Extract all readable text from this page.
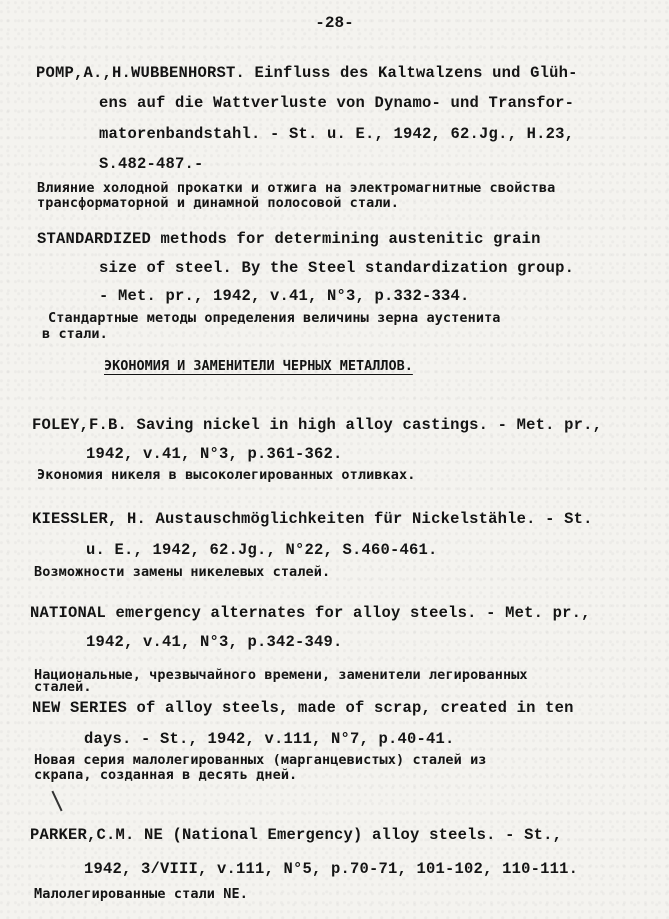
-28-
POMP,A.,H.WUBBENHORST. Einfluss des Kaltwalzens und Glüh-
ens auf die Wattverluste von Dynamo- und Transfor-
matorenbandstahl. - St. u. E., 1942, 62.Jg., H.23,
S.482-487.-
Влияние холодной прокатки и отжига на электромагнитные свойства
трансформаторной и динамной полосовой стали.
STANDARDIZED methods for determining austenitic grain
size of steel. By the Steel standardization group.
- Met. pr., 1942, v.41, N°3, p.332-334.
Стандартные методы определения величины зерна аустенита
в стали.
ЭКОНОМИЯ И ЗАМЕНИТЕЛИ ЧЕРНЫХ МЕТАЛЛОВ.
FOLEY,F.B. Saving nickel in high alloy castings. - Met. pr.,
1942, v.41, N°3, p.361-362.
Экономия никеля в высоколегированных отливках.
KIESSLER, H. Austauschmöglichkeiten für Nickelstähle. - St.
u. E., 1942, 62.Jg., N°22, S.460-461.
Возможности замены никелевых сталей.
NATIONAL emergency alternates for alloy steels. - Met. pr.,
1942, v.41, N°3, p.342-349.
Национальные, чрезвычайного времени, заменители легированных
сталей.
NEW SERIES of alloy steels, made of scrap, created in ten
days. - St., 1942, v.111, N°7, p.40-41.
Новая серия малолегированных (марганцевистых) сталей из
скрапа, созданная в десять дней.
PARKER,C.M. NE (National Emergency) alloy steels. - St.,
1942, 3/VIII, v.111, N°5, p.70-71, 101-102, 110-111.
Малолегированные стали NE.
